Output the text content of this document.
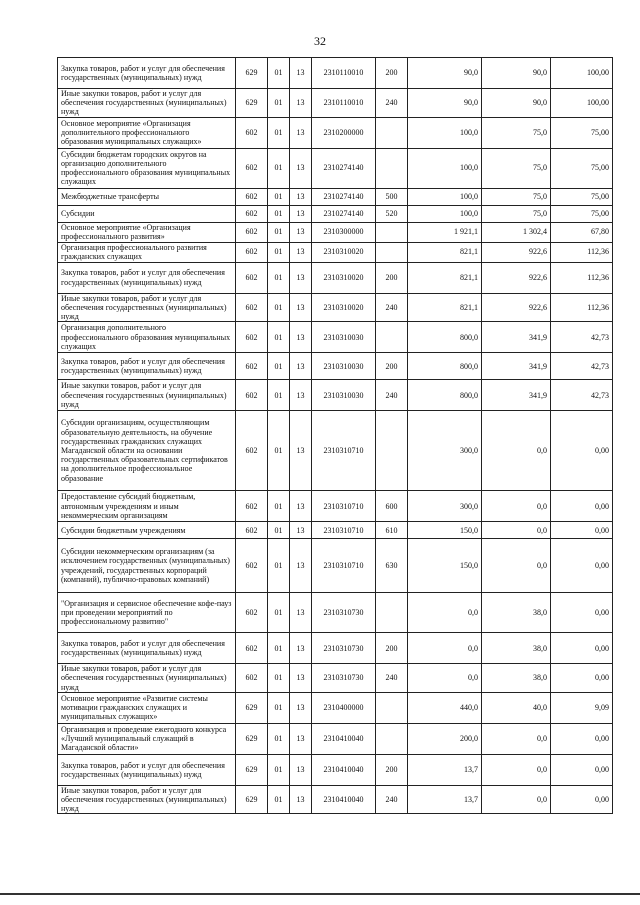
32
Закупка товаров, работ и услуг для обеспечения государственных (муниципальных) нужд	629	01	13	2310110010	200	90,0	90,0	100,00
Иные закупки товаров, работ и услуг для обеспечения государственных (муниципальных) нужд	629	01	13	2310110010	240	90,0	90,0	100,00
Основное мероприятие «Организация дополнительного профессионального образования муниципальных служащих»	602	01	13	2310200000		100,0	75,0	75,00
Субсидии бюджетам городских округов на организацию дополнительного профессионального образования муниципальных служащих	602	01	13	2310274140		100,0	75,0	75,00
Межбюджетные трансферты	602	01	13	2310274140	500	100,0	75,0	75,00
Субсидии	602	01	13	2310274140	520	100,0	75,0	75,00
Основное мероприятие «Организация профессионального развития»	602	01	13	2310300000		1 921,1	1 302,4	67,80
Организация профессионального развития гражданских служащих	602	01	13	2310310020		821,1	922,6	112,36
Закупка товаров, работ и услуг для обеспечения государственных (муниципальных) нужд	602	01	13	2310310020	200	821,1	922,6	112,36
Иные закупки товаров, работ и услуг для обеспечения государственных (муниципальных) нужд	602	01	13	2310310020	240	821,1	922,6	112,36
Организация дополнительного профессионального образования муниципальных служащих	602	01	13	2310310030		800,0	341,9	42,73
Закупка товаров, работ и услуг для обеспечения государственных (муниципальных) нужд	602	01	13	2310310030	200	800,0	341,9	42,73
Иные закупки товаров, работ и услуг для обеспечения государственных (муниципальных) нужд	602	01	13	2310310030	240	800,0	341,9	42,73
Субсидии организациям, осуществляющим образовательную деятельность, на обучение государственных гражданских служащих Магаданской области на основании государственных образовательных сертификатов на дополнительное профессиональное образование	602	01	13	2310310710		300,0	0,0	0,00
Предоставление субсидий бюджетным, автономным учреждениям и иным некоммерческим организациям	602	01	13	2310310710	600	300,0	0,0	0,00
Субсидии бюджетным учреждениям	602	01	13	2310310710	610	150,0	0,0	0,00
Субсидии некоммерческим организациям (за исключением государственных (муниципальных) учреждений, государственных корпораций (компаний), публично-правовых компаний)	602	01	13	2310310710	630	150,0	0,0	0,00
"Организация и сервисное обеспечение кофе-пауз при проведении мероприятий по профессиональному развитию"	602	01	13	2310310730		0,0	38,0	0,00
Закупка товаров, работ и услуг для обеспечения государственных (муниципальных) нужд	602	01	13	2310310730	200	0,0	38,0	0,00
Иные закупки товаров, работ и услуг для обеспечения государственных (муниципальных) нужд	602	01	13	2310310730	240	0,0	38,0	0,00
Основное мероприятие «Развитие системы мотивации гражданских служащих и муниципальных служащих»	629	01	13	2310400000		440,0	40,0	9,09
Организация и проведение ежегодного конкурса «Лучший муниципальный служащий в Магаданской области»	629	01	13	2310410040		200,0	0,0	0,00
Закупка товаров, работ и услуг для обеспечения государственных (муниципальных) нужд	629	01	13	2310410040	200	13,7	0,0	0,00
Иные закупки товаров, работ и услуг для обеспечения государственных (муниципальных) нужд	629	01	13	2310410040	240	13,7	0,0	0,00
